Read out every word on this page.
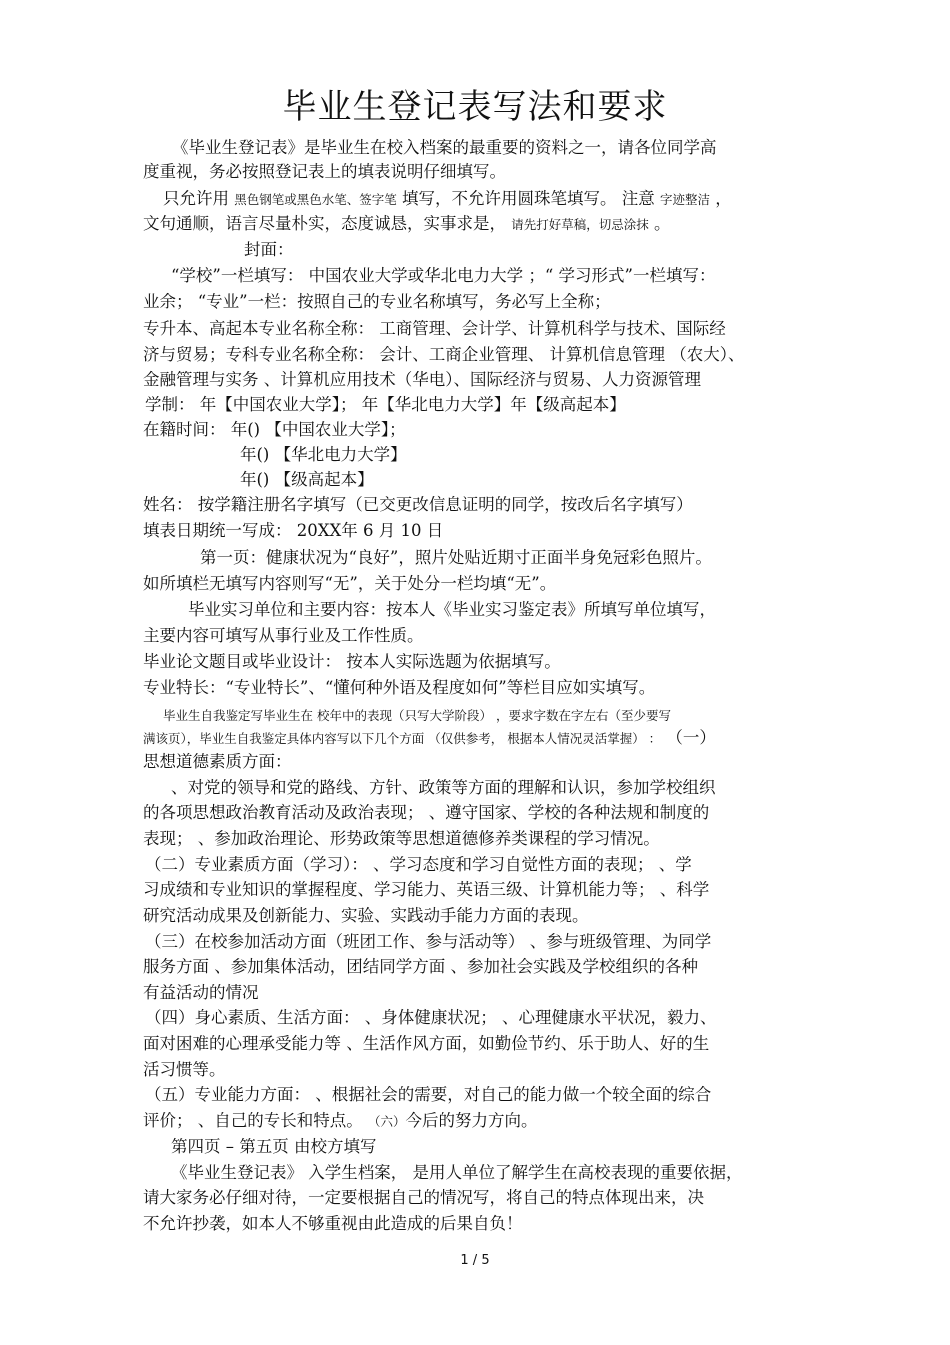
毕业生登记表写法和要求
《毕业生登记表》是毕业生在校入档案的最重要的资料之一，请各位同学高
度重视，务必按照登记表上的填表说明仔细填写。
只允许用 黑色钢笔或黑色水笔、签字笔 填写，不允许用圆珠笔填写。 注意 字迹整洁 ，
文句通顺，语言尽量朴实，态度诚恳，实事求是， 请先打好草稿，切忌涂抹 。
封面：
“学校”一栏填写： 中国农业大学或华北电力大学 ；“ 学习形式”一栏填写：
业余； “专业”一栏：按照自己的专业名称填写，务必写上全称；
专升本、高起本专业名称全称： 工商管理、会计学、计算机科学与技术、国际经
济与贸易；专科专业名称全称： 会计、工商企业管理、 计算机信息管理 （农大）、
金融管理与实务 、计算机应用技术（华电）、国际经济与贸易、人力资源管理
学制： 年【中国农业大学】； 年【华北电力大学】年【级高起本】
在籍时间： 年() 【中国农业大学】；
年() 【华北电力大学】
年() 【级高起本】
姓名： 按学籍注册名字填写（已交更改信息证明的同学，按改后名字填写）
填表日期统一写成： 20XX年 6 月 10 日
第一页：健康状况为“良好”，照片处贴近期寸正面半身免冠彩色照片。
如所填栏无填写内容则写“无”，关于处分一栏均填“无”。
毕业实习单位和主要内容：按本人《毕业实习鉴定表》所填写单位填写，
主要内容可填写从事行业及工作性质。
毕业论文题目或毕业设计： 按本人实际选题为依据填写。
专业特长：“专业特长”、“懂何种外语及程度如何”等栏目应如实填写。
毕业生自我鉴定写毕业生在 校年中的表现（只写大学阶段） ，要求字数在字左右（至少要写
满该页），毕业生自我鉴定具体内容写以下几个方面 （仅供参考， 根据本人情况灵活掌握） ： （一）
思想道德素质方面：
、对党的领导和党的路线、方针、政策等方面的理解和认识，参加学校组织
的各项思想政治教育活动及政治表现； 、遵守国家、学校的各种法规和制度的
表现； 、参加政治理论、形势政策等思想道德修养类课程的学习情况。
（二）专业素质方面（学习）： 、学习态度和学习自觉性方面的表现； 、学
习成绩和专业知识的掌握程度、学习能力、英语三级、计算机能力等； 、科学
研究活动成果及创新能力、实验、实践动手能力方面的表现。
（三）在校参加活动方面（班团工作、参与活动等） 、参与班级管理、为同学
服务方面 、参加集体活动，团结同学方面 、参加社会实践及学校组织的各种
有益活动的情况
（四）身心素质、生活方面： 、身体健康状况； 、心理健康水平状况，毅力、
面对困难的心理承受能力等 、生活作风方面，如勤俭节约、乐于助人、好的生
活习惯等。
（五）专业能力方面： 、根据社会的需要，对自己的能力做一个较全面的综合
评价； 、自己的专长和特点。 （六）今后的努力方向。
第四页 – 第五页 由校方填写
《毕业生登记表》 入学生档案， 是用人单位了解学生在高校表现的重要依据，
请大家务必仔细对待，一定要根据自己的情况写，将自己的特点体现出来，决
不允许抄袭，如本人不够重视由此造成的后果自负！
1 / 5
